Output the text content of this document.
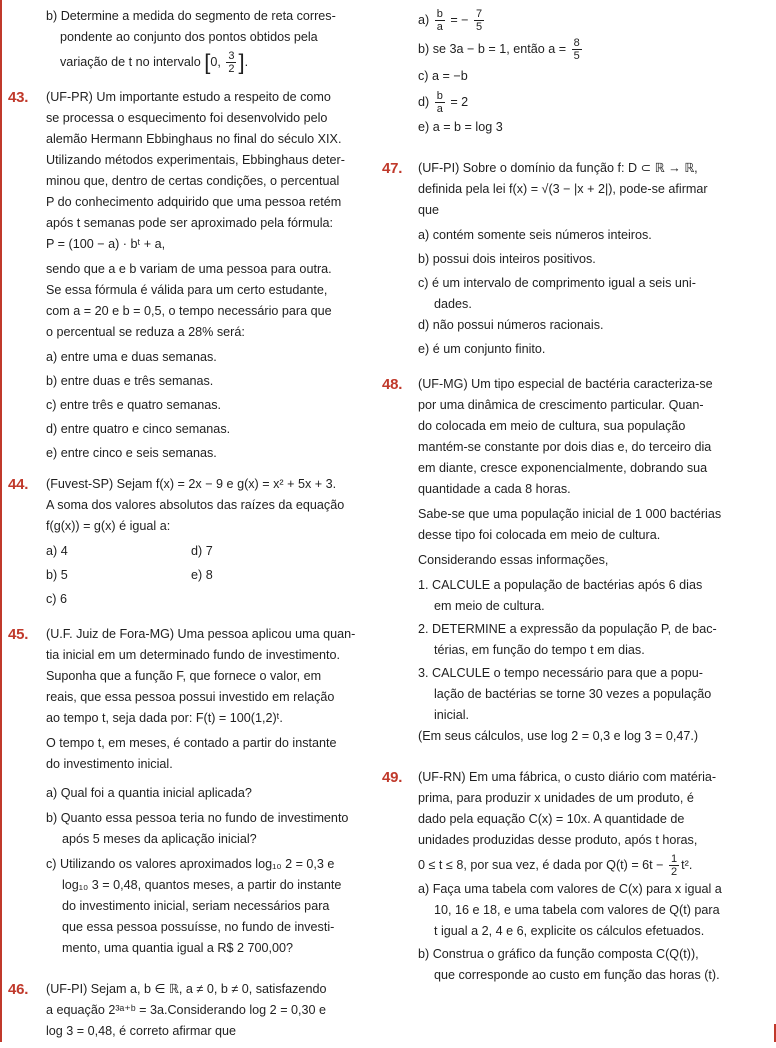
b) Determine a medida do segmento de reta corres-

pondente ao conjunto dos pontos obtidos pela

variação de t no intervalo [0, $\frac{3}{2}$ ].

43. (UF-PR) Um importante estudo a respeito de como

se processa o esquecimento foi desenvolvido pelo

alemão Hermann Ebbinghaus no final do século XIX.

Utilizando métodos experimentais, Ebbinghaus deter-

minou que, dentro de certas condições, o percentual

P do conhecimento adquirido que uma pessoa retém

após t semanas pode ser aproximado pela fórmula:

P = (100 − a) · bᵗ + a,

sendo que a e b variam de uma pessoa para outra.

Se essa fórmula é válida para um certo estudante,

com a = 20 e b = 0,5, o tempo necessário para que

o percentual se reduza a 28% será:

a) entre uma e duas semanas.

b) entre duas e três semanas.

c) entre três e quatro semanas.

d) entre quatro e cinco semanas.

e) entre cinco e seis semanas.

44. (Fuvest-SP) Sejam f(x) = 2x − 9 e g(x) = x² + 5x + 3.

A soma dos valores absolutos das raízes da equação

f(g(x)) = g(x) é igual a:

a) 4	d) 7

b) 5	e) 8

c) 6

45. (U.F. Juiz de Fora-MG) Uma pessoa aplicou uma quan-

tia inicial em um determinado fundo de investimento.

Suponha que a função F, que fornece o valor, em

reais, que essa pessoa possui investido em relação

ao tempo t, seja dada por: F(t) = 100(1,2)ᵗ.

O tempo t, em meses, é contado a partir do instante

do investimento inicial.

a) Qual foi a quantia inicial aplicada?

b) Quanto essa pessoa teria no fundo de investimento

após 5 meses da aplicação inicial?

c) Utilizando os valores aproximados log₁₀ 2 = 0,3 e

log₁₀ 3 = 0,48, quantos meses, a partir do instante

do investimento inicial, seriam necessários para

que essa pessoa possuísse, no fundo de investi-

mento, uma quantia igual a R$ 2 700,00?

46. (UF-PI) Sejam a, b ∈ ℝ, a ≠ 0, b ≠ 0, satisfazendo

a equação 2³ᵃ⁺ᵇ = 3a.Considerando log 2 = 0,30 e

log 3 = 0,48, é correto afirmar que

$a) \frac{b}{a}$ = − $\frac{7}{5}$

b) se 3a − b = 1, então $a = \frac{8}{5}$

c) a = −b

$d) \frac{b}{a} = 2$

e) a = b = log 3

47. (UF-PI) Sobre o domínio da função f: D ⊂ ℝ → ℝ,

definida pela lei f(x) = √(3 − |x + 2|), pode-se afirmar

que

a) contém somente seis números inteiros.

b) possui dois inteiros positivos.

c) é um intervalo de comprimento igual a seis uni-

dades.

d) não possui números racionais.

e) é um conjunto finito.

48. (UF-MG) Um tipo especial de bactéria caracteriza-se

por uma dinâmica de crescimento particular. Quan-

do colocada em meio de cultura, sua população

mantém-se constante por dois dias e, do terceiro dia

em diante, cresce exponencialmente, dobrando sua

quantidade a cada 8 horas.

Sabe-se que uma população inicial de 1 000 bactérias

desse tipo foi colocada em meio de cultura.

Considerando essas informações,

1. CALCULE a população de bactérias após 6 dias

em meio de cultura.

2. DETERMINE a expressão da população P, de bac-

térias, em função do tempo t em dias.

3. CALCULE o tempo necessário para que a popu-

lação de bactérias se torne 30 vezes a população

inicial.

(Em seus cálculos, use log 2 = 0,3 e log 3 = 0,47.)

49. (UF-RN) Em uma fábrica, o custo diário com matéria-

prima, para produzir x unidades de um produto, é

dado pela equação C(x) = 10x. A quantidade de

unidades produzidas desse produto, após t horas,

0 ≤ t ≤ 8, por sua vez, é dada por $Q(t) = 6t - \frac{1}{2} t^2$.

a) Faça uma tabela com valores de C(x) para x igual a

10, 16 e 18, e uma tabela com valores de Q(t) para

t igual a 2, 4 e 6, explicite os cálculos efetuados.

b) Construa o gráfico da função composta C(Q(t)),

que corresponde ao custo em função das horas (t).
